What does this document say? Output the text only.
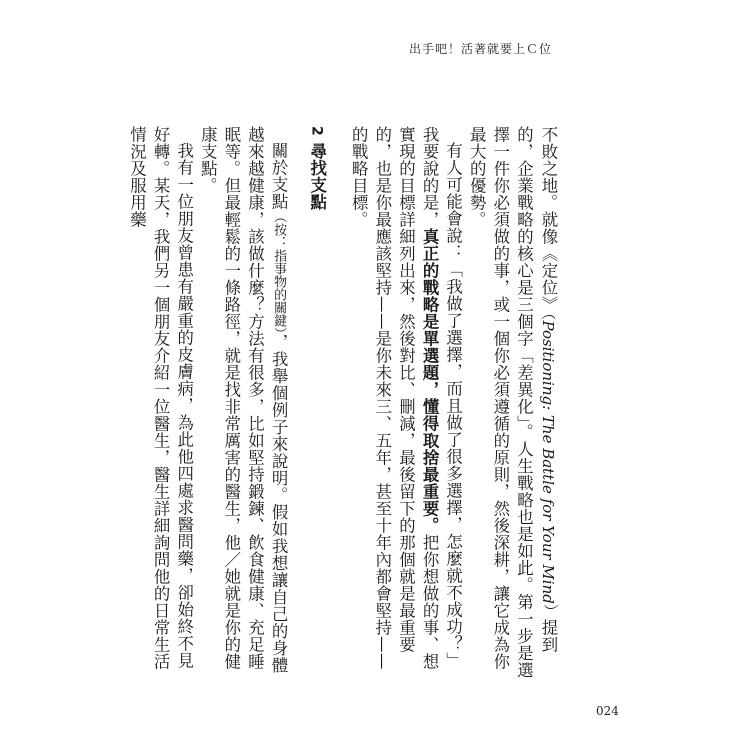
出手吧！活著就要上Ｃ位

不敗之地。就像《定位》（Positioning: The Battle for Your Mind）提到的，企業戰略的核心是三個字「差異化」。人生戰略也是如此。第一步是選擇一件你必須做的事，或一個你必須遵循的原則，然後深耕，讓它成為你最大的優勢。

有人可能會說：「我做了選擇，而且做了很多選擇，怎麼就不成功？」我要說的是，真正的戰略是單選題，懂得取捨最重要。把你想做的事、想實現的目標詳細列出來，然後對比、刪減，最後留下的那個就是最重要的，也是你最應該堅持——是你未來三、五年，甚至十年內都會堅持——的戰略目標。

2 尋找支點

關於支點（按：指事物的關鍵），我舉個例子來說明。假如我想讓自己的身體越來越健康，該做什麼？方法有很多，比如堅持鍛鍊、飲食健康、充足睡眠等。但最輕鬆的一條路徑，就是找非常厲害的醫生，他／她就是你的健康支點。

我有一位朋友曾患有嚴重的皮膚病，為此他四處求醫問藥，卻始終不見好轉。某天，我們另一個朋友介紹一位醫生，醫生詳細詢問他的日常生活情況及服用藥

024
